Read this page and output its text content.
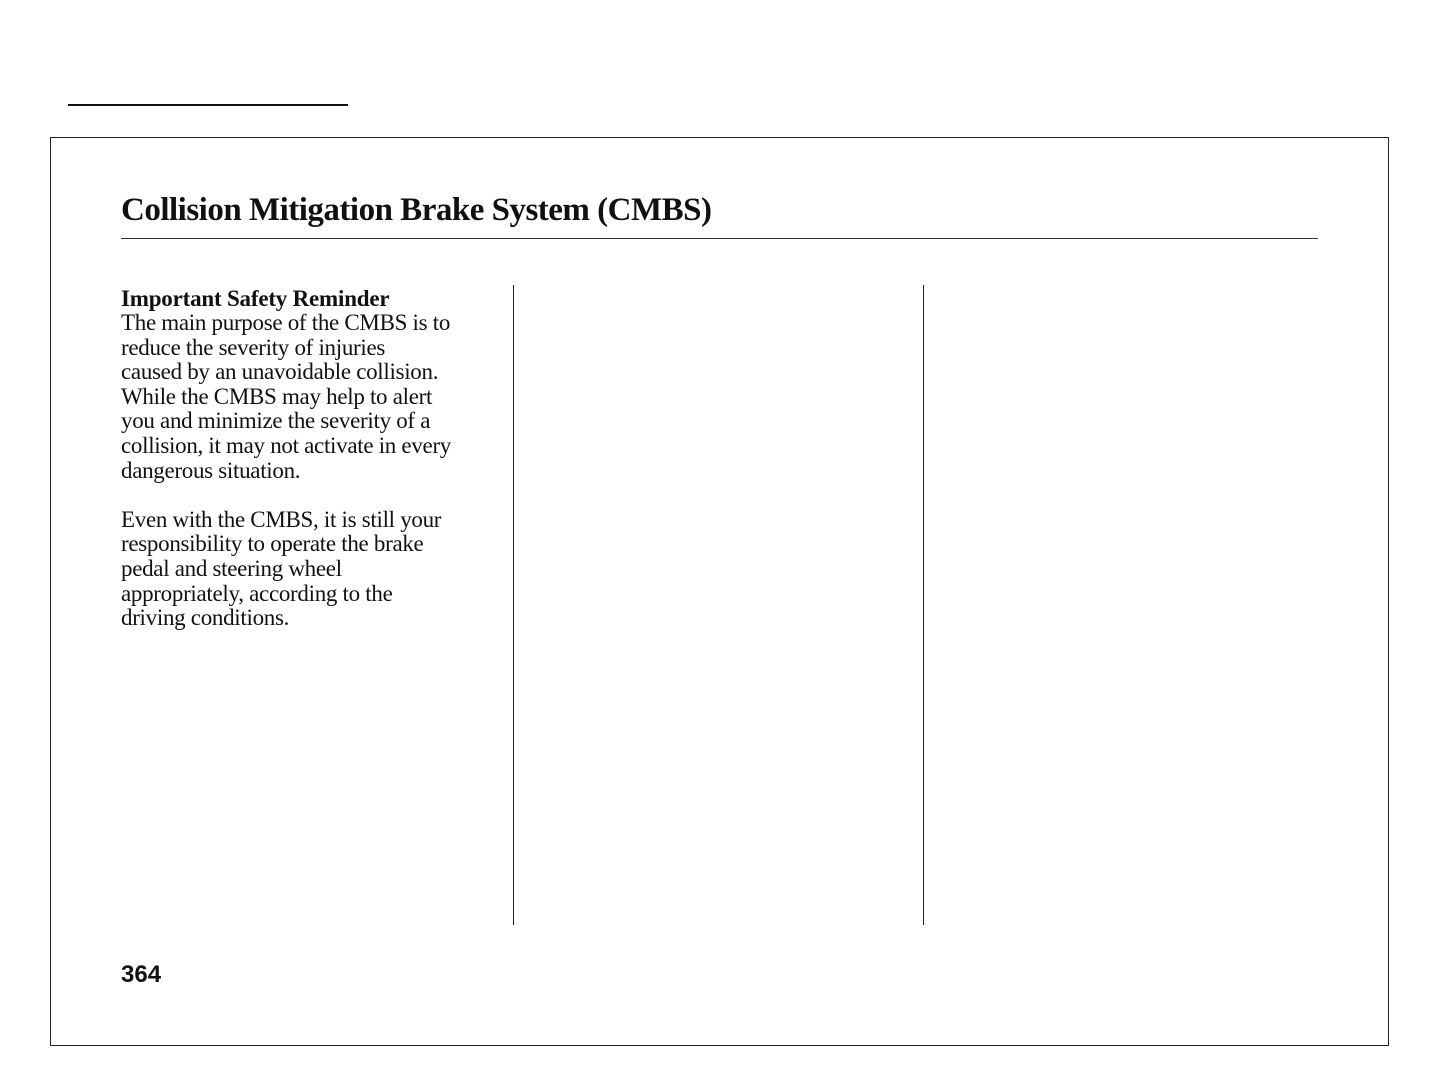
Collision Mitigation Brake System (CMBS)
Important Safety Reminder

The main purpose of the CMBS is to
reduce the severity of injuries
caused by an unavoidable collision.
While the CMBS may help to alert
you and minimize the severity of a
collision, it may not activate in every
dangerous situation.

Even with the CMBS, it is still your
responsibility to operate the brake
pedal and steering wheel
appropriately, according to the
driving conditions.

364
